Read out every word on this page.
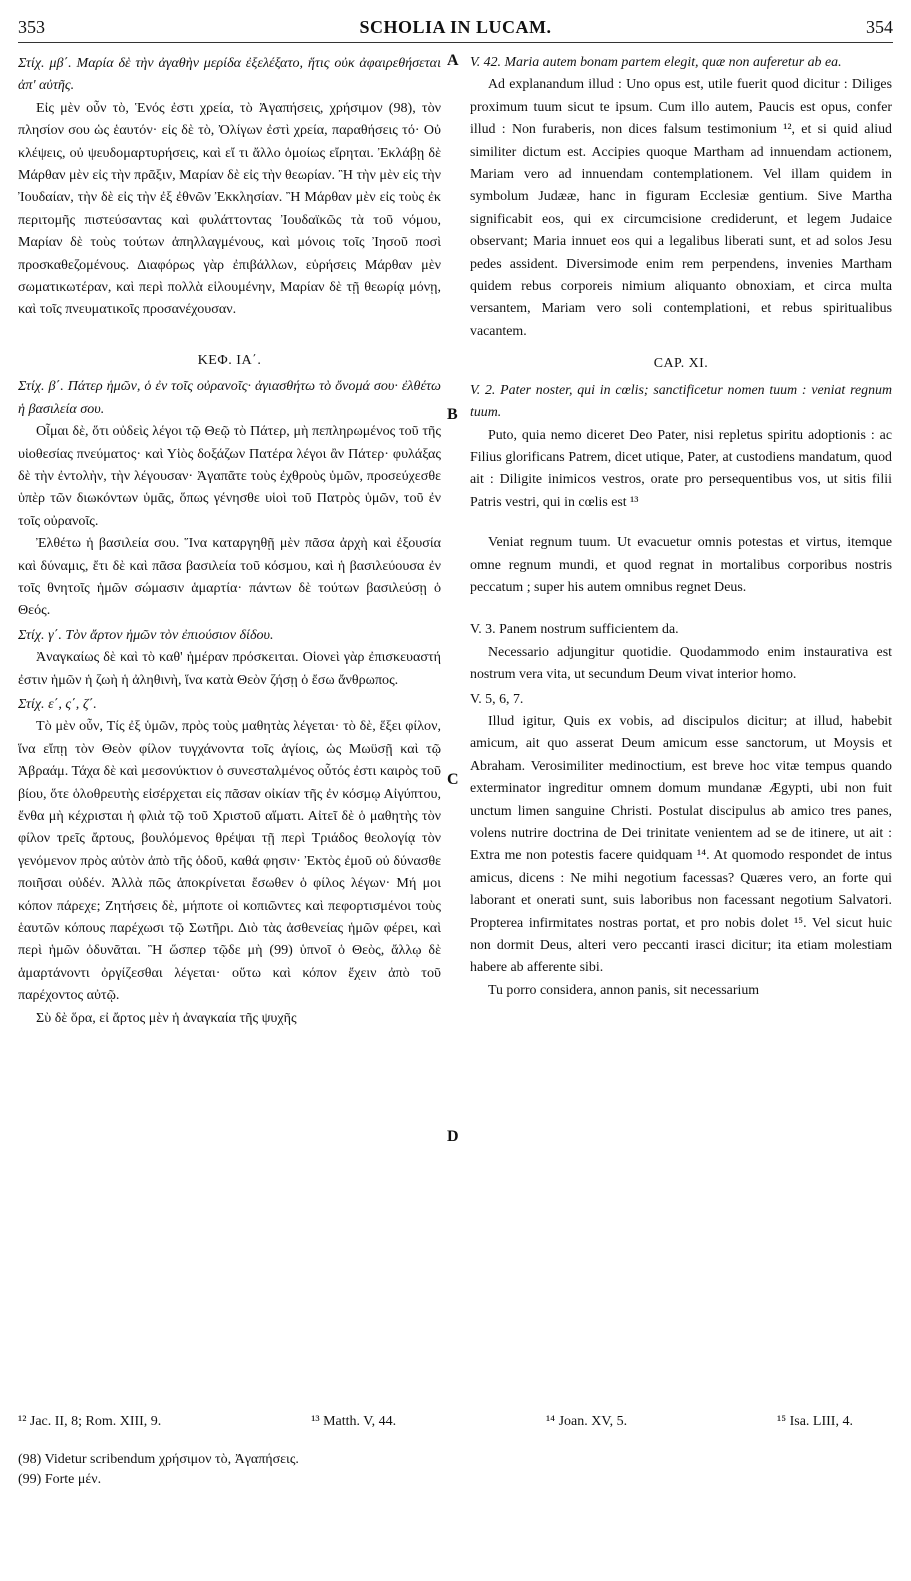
353	SCHOLIA IN LUCAM.	354

Στίχ. μβ΄. Μαρία δὲ τὴν ἀγαθὴν μερίδα ἐξελέξατο, ἥτις οὐκ ἀφαιρεθήσεται ἀπ' αὐτῆς.

Εἰς μὲν οὖν τὸ, Ἑνός ἐστι χρεία, τὸ Ἀγαπήσεις, χρήσιμον (98), τὸν πλησίον σου ὡς ἑαυτόν· εἰς δὲ τὸ, Ὀλίγων ἐστὶ χρεία, παραθήσεις τό· Οὐ κλέψεις, οὐ ψευδομαρτυρήσεις, καὶ εἴ τι ἄλλο ὁμοίως εἴρηται. Ἐκλάβῃ δὲ Μάρθαν μὲν εἰς τὴν πρᾶξιν, Μαρίαν δὲ εἰς τὴν θεωρίαν. Ἢ τὴν μὲν εἰς τὴν Ἰουδαίαν, τὴν δὲ εἰς τὴν ἐξ ἐθνῶν Ἐκκλησίαν. Ἢ Μάρθαν μὲν εἰς τοὺς ἐκ περιτομῆς πιστεύσαντας καὶ φυλάττοντας Ἰουδαϊκῶς τὰ τοῦ νόμου, Μαρίαν δὲ τοὺς τούτων ἀπηλλαγμένους, καὶ μόνοις τοῖς Ἰησοῦ ποσὶ προσκαθεζομένους. Διαφόρως γὰρ ἐπιβάλλων, εὑρήσεις Μάρθαν μὲν σωματικωτέραν, καὶ περὶ πολλὰ εἱλουμένην, Μαρίαν δὲ τῇ θεωρίᾳ μόνῃ, καὶ τοῖς πνευματικοῖς προσανέχουσαν.

ΚΕΦ. ΙΑ΄.

Στίχ. β΄. Πάτερ ἡμῶν, ὁ ἐν τοῖς οὐρανοῖς· ἁγιασθήτω τὸ ὄνομά σου· ἐλθέτω ἡ βασιλεία σου.

Οἶμαι δὲ, ὅτι οὐδεὶς λέγοι τῷ Θεῷ τὸ Πάτερ, μὴ πεπληρωμένος τοῦ τῆς υἱοθεσίας πνεύματος· καὶ Υἱὸς δοξάζων Πατέρα λέγοι ἂν Πάτερ· φυλάξας δὲ τὴν ἐντολὴν, τὴν λέγουσαν· Ἀγαπᾶτε τοὺς ἐχθροὺς ὑμῶν, προσεύχεσθε ὑπὲρ τῶν διωκόντων ὑμᾶς, ὅπως γένησθε υἱοὶ τοῦ Πατρὸς ὑμῶν, τοῦ ἐν τοῖς οὐρανοῖς.

Ἐλθέτω ἡ βασιλεία σου. Ἵνα καταργηθῇ μὲν πᾶσα ἀρχὴ καὶ ἐξουσία καὶ δύναμις, ἔτι δὲ καὶ πᾶσα βασιλεία τοῦ κόσμου, καὶ ἡ βασιλεύουσα ἐν τοῖς θνητοῖς ἡμῶν σώμασιν ἁμαρτία· πάντων δὲ τούτων βασιλεύσῃ ὁ Θεός.

Στίχ. γ΄. Τὸν ἄρτον ἡμῶν τὸν ἐπιούσιον δίδου.

Ἀναγκαίως δὲ καὶ τὸ καθ' ἡμέραν πρόσκειται. Οἱονεὶ γὰρ ἐπισκευαστή ἐστιν ἡμῶν ἡ ζωὴ ἡ ἀληθινὴ, ἵνα κατὰ Θεὸν ζήσῃ ὁ ἔσω ἄνθρωπος.

Στίχ. ε΄, ς΄, ζ΄.

Τὸ μὲν οὖν, Τίς ἐξ ὑμῶν, πρὸς τοὺς μαθητὰς λέγεται· τὸ δὲ, ἕξει φίλον, ἵνα εἴπῃ τὸν Θεὸν φίλον τυγχάνοντα τοῖς ἁγίοις, ὡς Μωϋσῇ καὶ τῷ Ἀβραάμ. Τάχα δὲ καὶ μεσονύκτιον ὁ συνεσταλμένος οὗτός ἐστι καιρὸς τοῦ βίου, ὅτε ὁλοθρευτὴς εἰσέρχεται εἰς πᾶσαν οἰκίαν τῆς ἐν κόσμῳ Αἰγύπτου, ἔνθα μὴ κέχρισται ἡ φλιὰ τῷ τοῦ Χριστοῦ αἵματι. Αἰτεῖ δὲ ὁ μαθητὴς τὸν φίλον τρεῖς ἄρτους, βουλόμενος θρέψαι τῇ περὶ Τριάδος θεολογίᾳ τὸν γενόμενον πρὸς αὐτὸν ἀπὸ τῆς ὁδοῦ, καθά φησιν· Ἐκτὸς ἐμοῦ οὐ δύνασθε ποιῆσαι οὐδέν. Ἀλλὰ πῶς ἀποκρίνεται ἔσωθεν ὁ φίλος λέγων· Μή μοι κόπον πάρεχε; Ζητήσεις δὲ, μήποτε οἱ κοπιῶντες καὶ πεφορτισμένοι τοὺς ἑαυτῶν κόπους παρέχωσι τῷ Σωτῆρι. Διὸ τὰς ἀσθενείας ἡμῶν φέρει, καὶ περὶ ἡμῶν ὀδυνᾶται. Ἢ ὥσπερ τῷδε μὴ (99) ὑπνοῖ ὁ Θεὸς, ἄλλῳ δὲ ἁμαρτάνοντι ὀργίζεσθαι λέγεται· οὕτω καὶ κόπον ἔχειν ἀπὸ τοῦ παρέχοντος αὐτῷ.

Σὺ δὲ ὅρα, εἰ ἄρτος μὲν ἡ ἀναγκαία τῆς ψυχῆς

A
B
C
D

V. 42. Maria autem bonam partem elegit, quæ non auferetur ab ea.

Ad explanandum illud : Uno opus est, utile fuerit quod dicitur : Diliges proximum tuum sicut te ipsum. Cum illo autem, Paucis est opus, confer illud : Non furaberis, non dices falsum testimonium ¹², et si quid aliud similiter dictum est. Accipies quoque Martham ad innuendam actionem, Mariam vero ad innuendam contemplationem. Vel illam quidem in symbolum Judææ, hanc in figuram Ecclesiæ gentium. Sive Martha significabit eos, qui ex circumcisione crediderunt, et legem Judaice observant; Maria innuet eos qui a legalibus liberati sunt, et ad solos Jesu pedes assident. Diversimode enim rem perpendens, invenies Martham quidem rebus corporeis nimium aliquanto obnoxiam, et circa multa versantem, Mariam vero soli contemplationi, et rebus spiritualibus vacantem.

CAP. XI.

V. 2. Pater noster, qui in cœlis; sanctificetur nomen tuum : veniat regnum tuum.

Puto, quia nemo diceret Deo Pater, nisi repletus spiritu adoptionis : ac Filius glorificans Patrem, dicet utique, Pater, at custodiens mandatum, quod ait : Diligite inimicos vestros, orate pro persequentibus vos, ut sitis filii Patris vestri, qui in cœlis est ¹³

Veniat regnum tuum. Ut evacuetur omnis potestas et virtus, itemque omne regnum mundi, et quod regnat in mortalibus corporibus nostris peccatum ; super his autem omnibus regnet Deus.

V. 3. Panem nostrum sufficientem da.

Necessario adjungitur quotidie. Quodammodo enim instaurativa est nostrum vera vita, ut secundum Deum vivat interior homo.

V. 5, 6, 7.

Illud igitur, Quis ex vobis, ad discipulos dicitur; at illud, habebit amicum, ait quo asserat Deum amicum esse sanctorum, ut Moysis et Abraham. Verosimiliter medinoctium, est breve hoc vitæ tempus quando exterminator ingreditur omnem domum mundanæ Ægypti, ubi non fuit unctum limen sanguine Christi. Postulat discipulus ab amico tres panes, volens nutrire doctrina de Dei trinitate venientem ad se de itinere, ut ait : Extra me non potestis facere quidquam ¹⁴. At quomodo respondet de intus amicus, dicens : Ne mihi negotium facessas? Quæres vero, an forte qui laborant et onerati sunt, suis laboribus non facessant negotium Salvatori. Propterea infirmitates nostras portat, et pro nobis dolet ¹⁵. Vel sicut huic non dormit Deus, alteri vero peccanti irasci dicitur; ita etiam molestiam habere ab afferente sibi.

Tu porro considera, annon panis, sit necessarium

¹² Jac. II, 8; Rom. XIII, 9.	¹³ Matth. V, 44.	¹⁴ Joan. XV, 5.	¹⁵ Isa. LIII, 4.
(98) Videtur scribendum χρήσιμον τὸ, Ἀγαπήσεις.
(99) Forte μέν.
